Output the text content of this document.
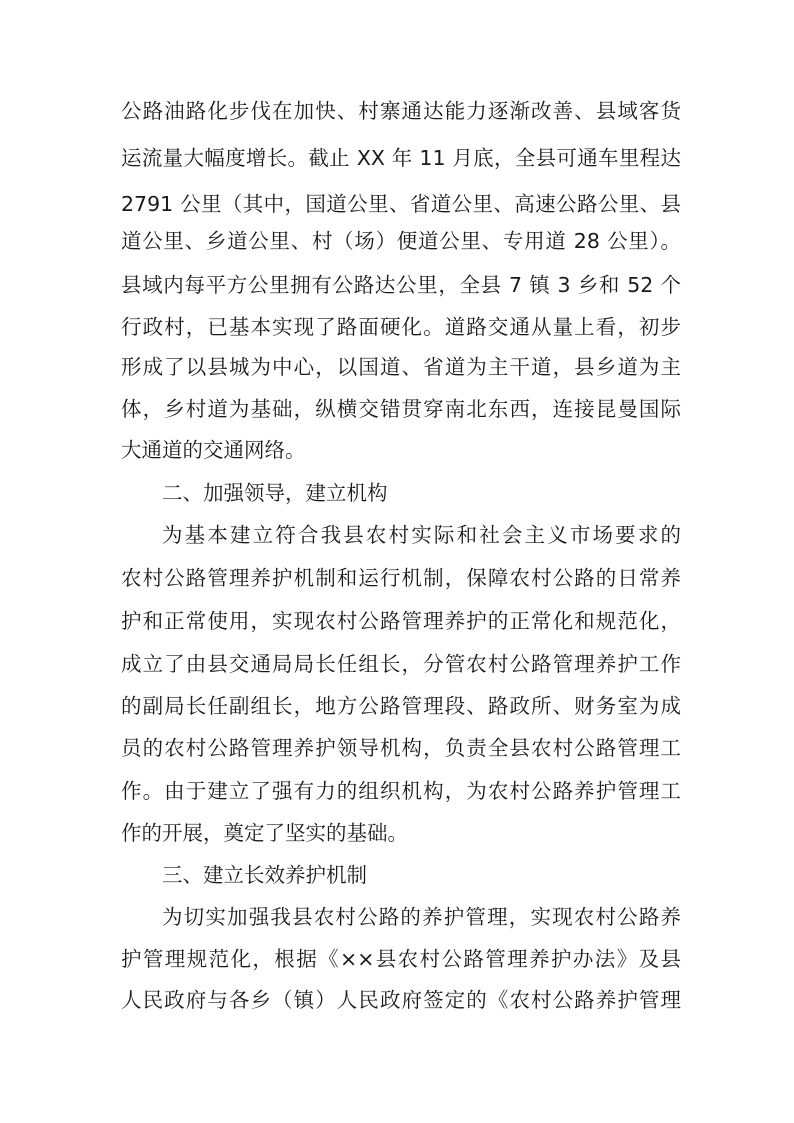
公路油路化步伐在加快、村寨通达能力逐渐改善、县域客货
运流量大幅度增长。截止 XX 年 11 月底，全县可通车里程达
2791 公里（其中，国道公里、省道公里、高速公路公里、县
道公里、乡道公里、村（场）便道公里、专用道 28 公里）。
县域内每平方公里拥有公路达公里，全县 7 镇 3 乡和 52 个
行政村，已基本实现了路面硬化。道路交通从量上看，初步
形成了以县城为中心，以国道、省道为主干道，县乡道为主
体，乡村道为基础，纵横交错贯穿南北东西，连接昆曼国际
大通道的交通网络。
二、加强领导，建立机构
为基本建立符合我县农村实际和社会主义市场要求的
农村公路管理养护机制和运行机制，保障农村公路的日常养
护和正常使用，实现农村公路管理养护的正常化和规范化，
成立了由县交通局局长任组长，分管农村公路管理养护工作
的副局长任副组长，地方公路管理段、路政所、财务室为成
员的农村公路管理养护领导机构，负责全县农村公路管理工
作。由于建立了强有力的组织机构，为农村公路养护管理工
作的开展，奠定了坚实的基础。
三、建立长效养护机制
为切实加强我县农村公路的养护管理，实现农村公路养
护管理规范化，根据《××县农村公路管理养护办法》及县
人民政府与各乡（镇）人民政府签定的《农村公路养护管理
